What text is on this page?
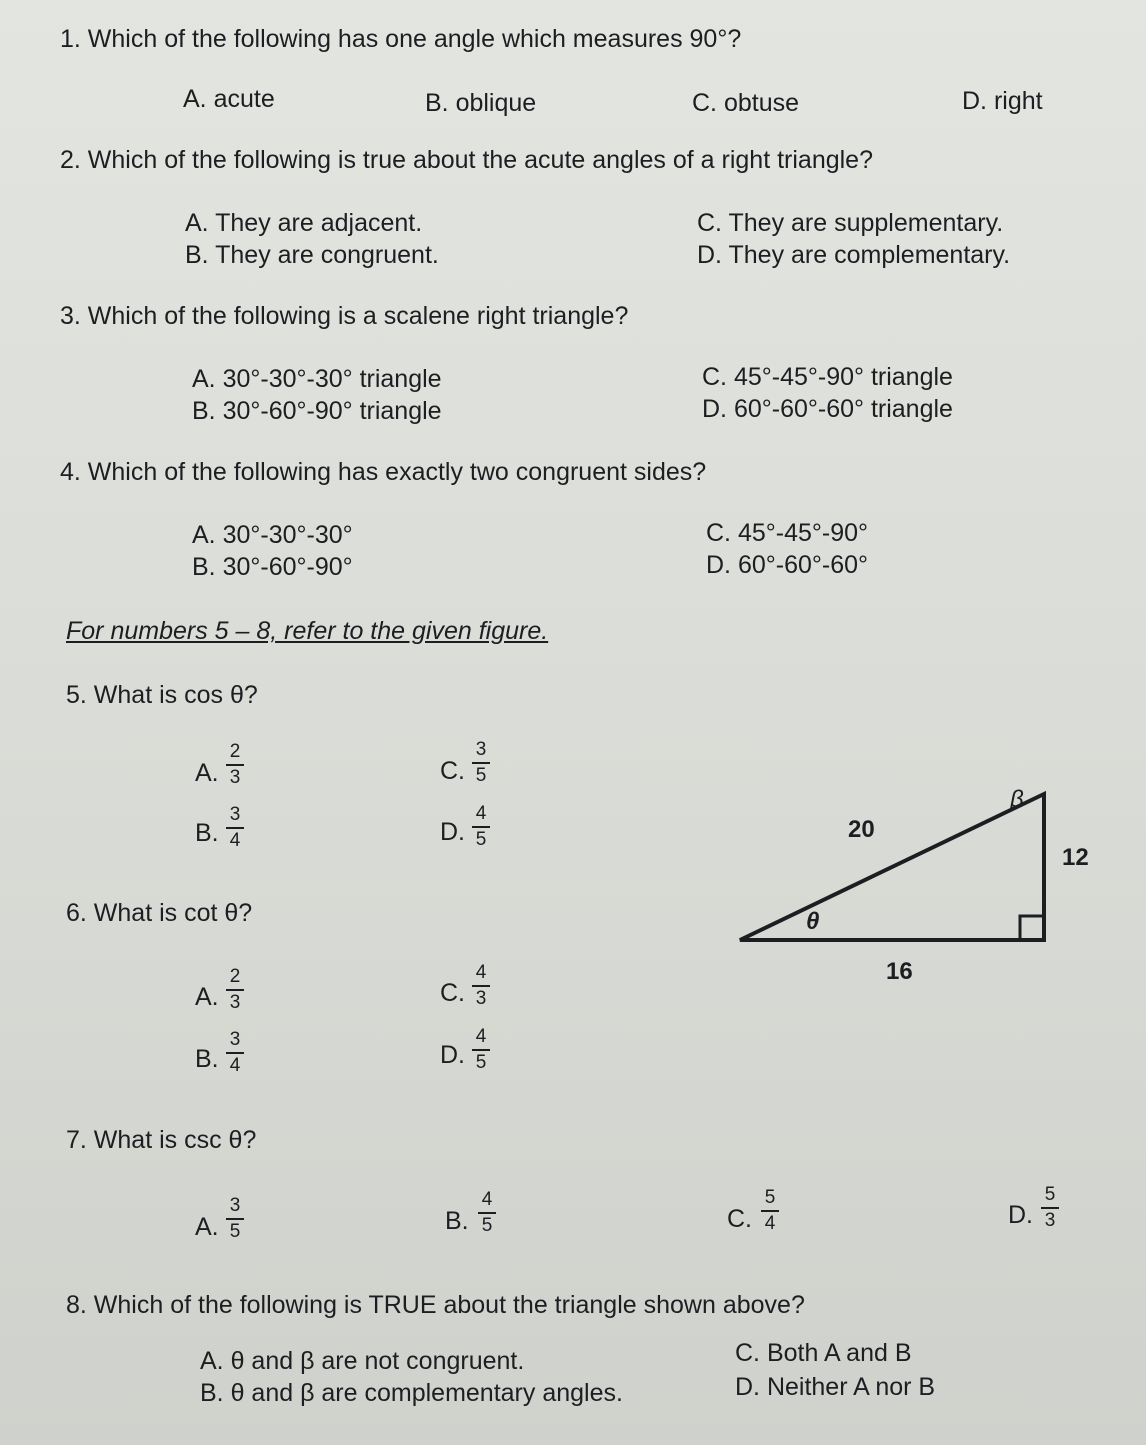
1. Which of the following has one angle which measures 90°?
A. acute	B. oblique	C. obtuse	D. right
2. Which of the following is true about the acute angles of a right triangle?
A. They are adjacent.
B. They are congruent.
C. They are supplementary.
D. They are complementary.
3. Which of the following is a scalene right triangle?
A. 30°-30°-30° triangle
B. 30°-60°-90° triangle
C. 45°-45°-90° triangle
D. 60°-60°-60° triangle
4. Which of the following has exactly two congruent sides?
A. 30°-30°-30°
B. 30°-60°-90°
C. 45°-45°-90°
D. 60°-60°-60°
For numbers 5 – 8, refer to the given figure.
5. What is cos θ?
A.
2
3
B.
3
4
C.
3
5
D.
4
5
6. What is cot θ?
A.
2
3
B.
3
4
C.
4
3
D.
4
5
7. What is csc θ?
A.
3
5	B.
4
5	C.
5
4	D.
5
3
8. Which of the following is TRUE about the triangle shown above?
A. θ and β are not congruent.
B. θ and β are complementary angles.
C. Both A and B
D. Neither A nor B
20
12
16
θ
β
